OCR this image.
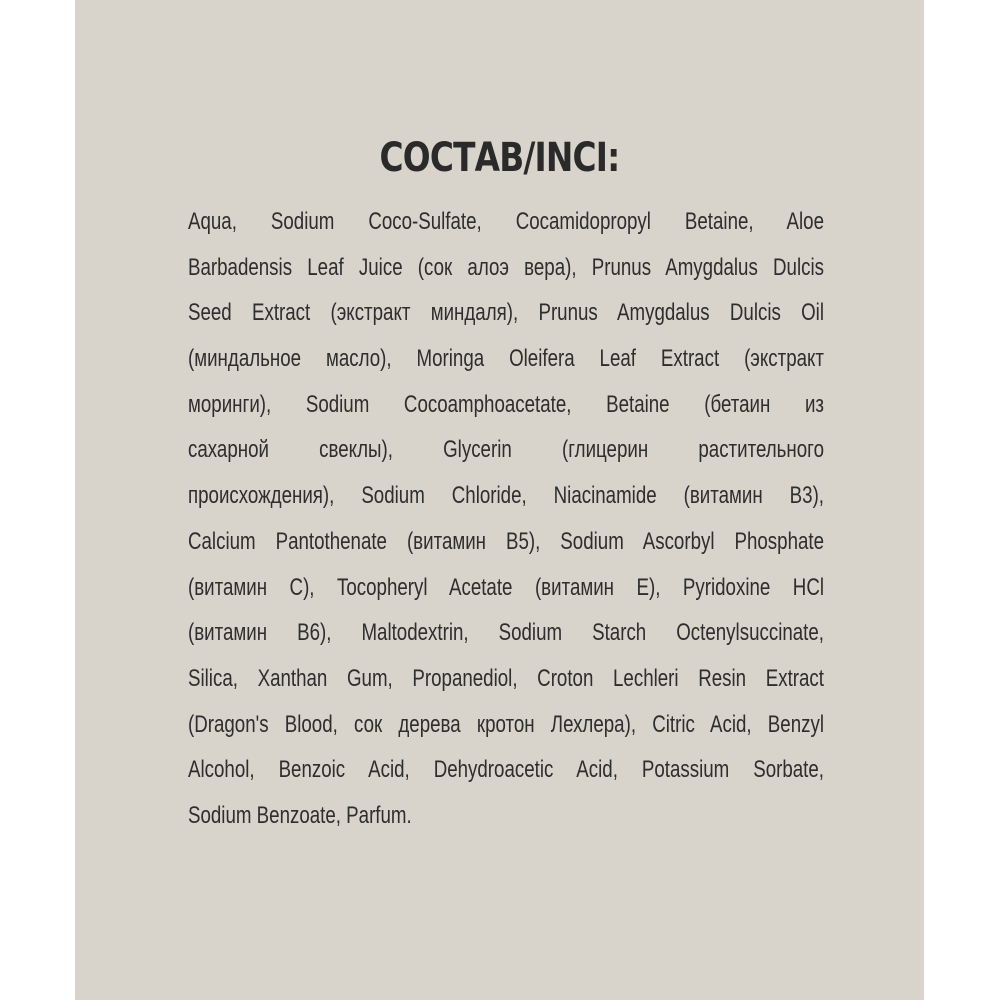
СОСТАВ/INCI:
Aqua, Sodium Coco-Sulfate, Cocamidopropyl Betaine, Aloe
Barbadensis Leaf Juice (сок алоэ вера), Prunus Amygdalus Dulcis
Seed Extract (экстракт миндаля), Prunus Amygdalus Dulcis Oil
(миндальное масло), Moringa Oleifera Leaf Extract (экстракт
моринги), Sodium Cocoamphoacetate, Betaine (бетаин из
сахарной свеклы), Glycerin (глицерин растительного
происхождения), Sodium Chloride, Niacinamide (витамин B3),
Calcium Pantothenate (витамин B5), Sodium Ascorbyl Phosphate
(витамин С), Tocopheryl Acetate (витамин E), Pyridoxine HCl
(витамин B6), Maltodextrin, Sodium Starch Octenylsuccinate,
Silica, Xanthan Gum, Propanediol, Croton Lechleri Resin Extract
(Dragon's Blood, сок дерева кротон Лехлера), Citric Acid, Benzyl
Alcohol, Benzoic Acid, Dehydroacetic Acid, Potassium Sorbate,
Sodium Benzoate, Parfum.
